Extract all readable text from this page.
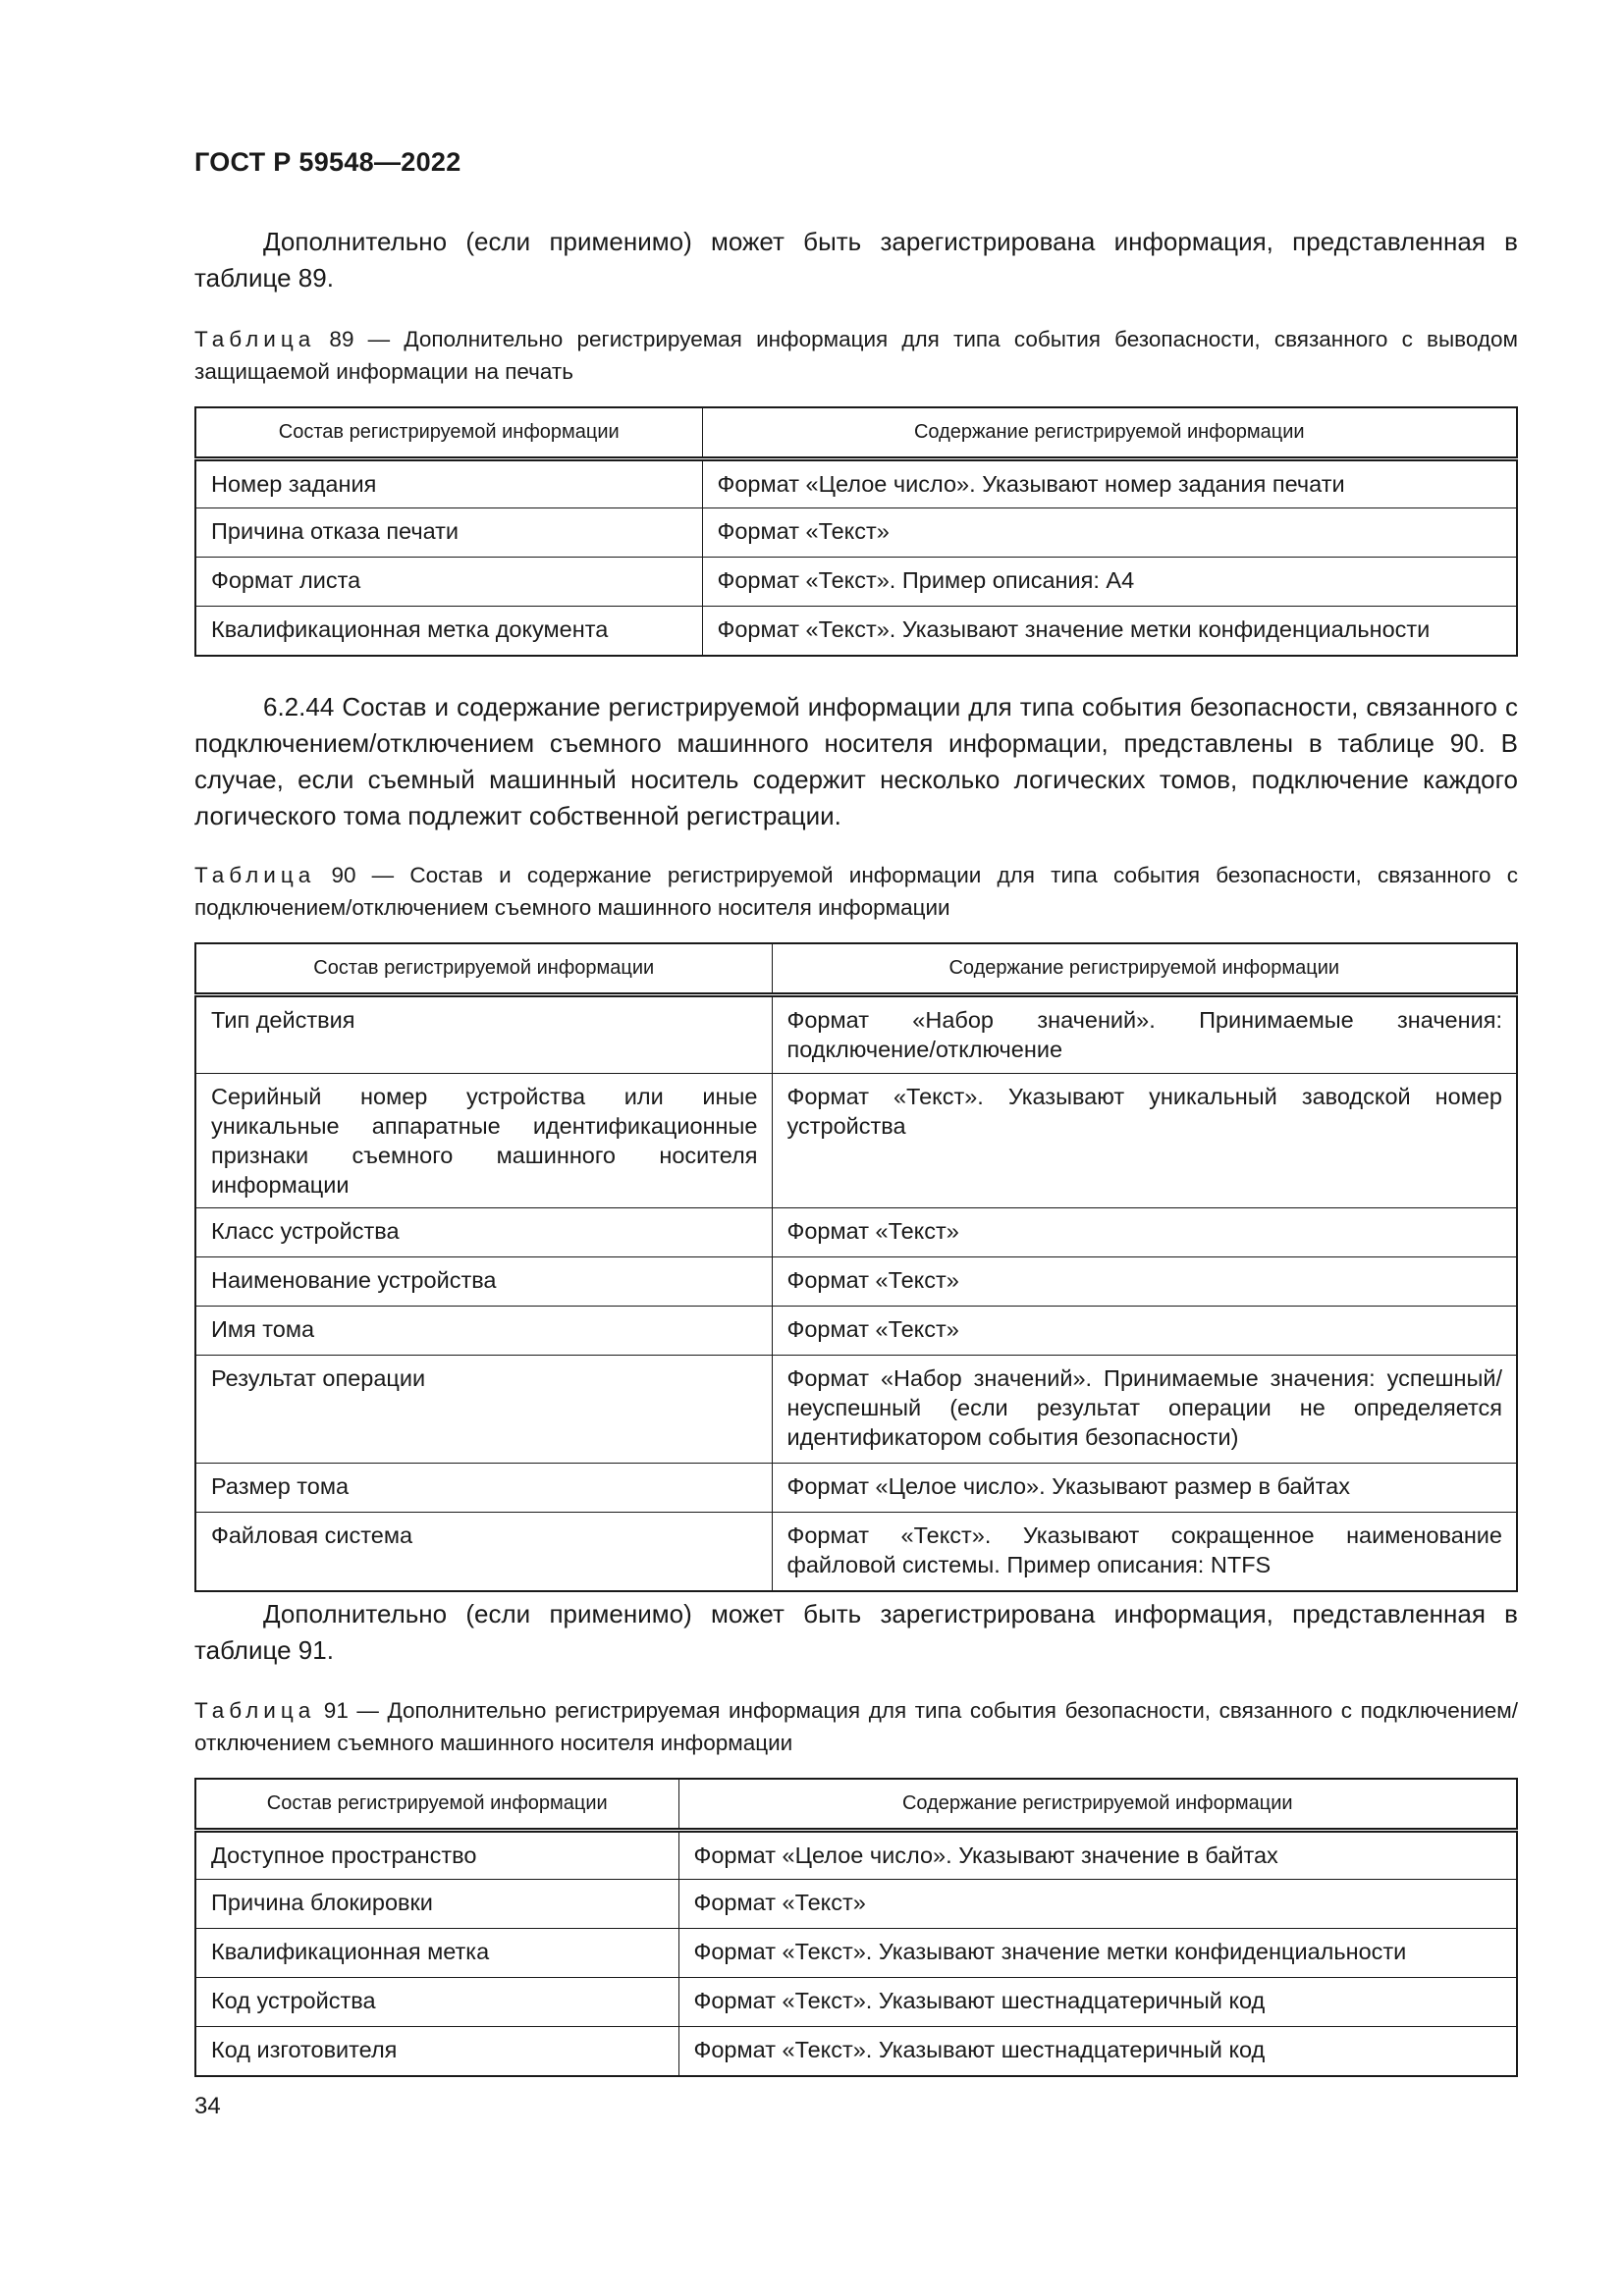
ГОСТ Р 59548—2022

Дополнительно (если применимо) может быть зарегистрирована информация, представленная в таблице 89.

Таблица 89 — Дополнительно регистрируемая информация для типа события безопасности, связанного с выводом защищаемой информации на печать

Состав регистрируемой информации	Содержание регистрируемой информации
Номер задания	Формат «Целое число». Указывают номер задания печати
Причина отказа печати	Формат «Текст»
Формат листа	Формат «Текст». Пример описания: А4
Квалификационная метка документа	Формат «Текст». Указывают значение метки конфиденциальности

6.2.44 Состав и содержание регистрируемой информации для типа события безопасности, связанного с подключением/отключением съемного машинного носителя информации, представлены в таблице 90. В случае, если съемный машинный носитель содержит несколько логических томов, подключение каждого логического тома подлежит собственной регистрации.

Таблица 90 — Состав и содержание регистрируемой информации для типа события безопасности, связанного с подключением/отключением съемного машинного носителя информации

Состав регистрируемой информации	Содержание регистрируемой информации
Тип действия	Формат «Набор значений». Принимаемые значения: подключение/отключение
Серийный номер устройства или иные уникальные аппаратные идентификационные признаки съемного машинного носителя информации	Формат «Текст». Указывают уникальный заводской номер устройства
Класс устройства	Формат «Текст»
Наименование устройства	Формат «Текст»
Имя тома	Формат «Текст»
Результат операции	Формат «Набор значений». Принимаемые значения: успешный/неуспешный (если результат операции не определяется идентификатором события безопасности)
Размер тома	Формат «Целое число». Указывают размер в байтах
Файловая система	Формат «Текст». Указывают сокращенное наименование файловой системы. Пример описания: NTFS

Дополнительно (если применимо) может быть зарегистрирована информация, представленная в таблице 91.

Таблица 91 — Дополнительно регистрируемая информация для типа события безопасности, связанного с подключением/отключением съемного машинного носителя информации

Состав регистрируемой информации	Содержание регистрируемой информации
Доступное пространство	Формат «Целое число». Указывают значение в байтах
Причина блокировки	Формат «Текст»
Квалификационная метка	Формат «Текст». Указывают значение метки конфиденциальности
Код устройства	Формат «Текст». Указывают шестнадцатеричный код
Код изготовителя	Формат «Текст». Указывают шестнадцатеричный код
34
